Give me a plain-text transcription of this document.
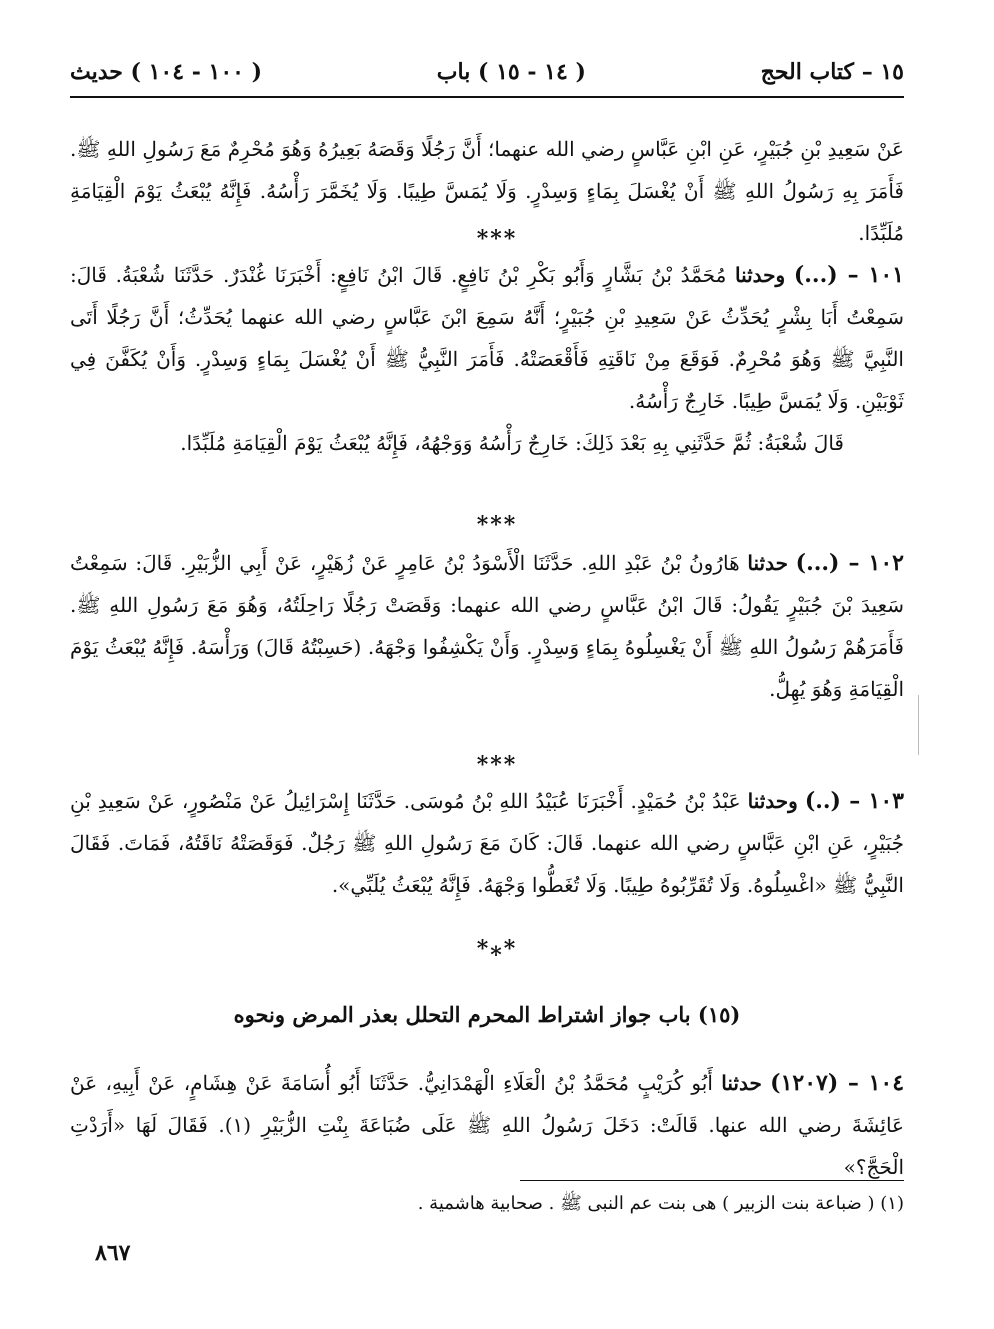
١٥ – كتاب الحج
( ١٤ - ١٥ ) باب
( ١٠٠ - ١٠٤ ) حديث

عَنْ سَعِيدِ بْنِ جُبَيْرٍ، عَنِ ابْنِ عَبَّاسٍ رضي الله عنهما؛ أَنَّ رَجُلًا وَقَصَهُ بَعِيرُهُ وَهُوَ مُحْرِمٌ مَعَ رَسُولِ اللهِ ﷺ. فَأَمَرَ بِهِ رَسُولُ اللهِ ﷺ أَنْ يُغْسَلَ بِمَاءٍ وَسِدْرٍ. وَلَا يُمَسَّ طِيبًا. وَلَا يُخَمَّرَ رَأْسُهُ. فَإِنَّهُ يُبْعَثُ يَوْمَ الْقِيَامَةِ مُلَبِّدًا.

***

١٠١ – (...) وحدثنا مُحَمَّدُ بْنُ بَشَّارٍ وَأَبُو بَكْرِ بْنُ نَافِعٍ. قَالَ ابْنُ نَافِعٍ: أَخْبَرَنَا غُنْدَرٌ. حَدَّثَنَا شُعْبَةُ. قَالَ: سَمِعْتُ أَبَا بِشْرٍ يُحَدِّثُ عَنْ سَعِيدِ بْنِ جُبَيْرٍ؛ أَنَّهُ سَمِعَ ابْنَ عَبَّاسٍ رضي الله عنهما يُحَدِّثُ؛ أَنَّ رَجُلًا أَتَى النَّبِيَّ ﷺ وَهُوَ مُحْرِمٌ. فَوَقَعَ مِنْ نَاقَتِهِ فَأَقْعَصَتْهُ. فَأَمَرَ النَّبِيُّ ﷺ أَنْ يُغْسَلَ بِمَاءٍ وَسِدْرٍ. وَأَنْ يُكَفَّنَ فِي ثَوْبَيْنِ. وَلَا يُمَسَّ طِيبًا. خَارِجٌ رَأْسُهُ.

قَالَ شُعْبَةُ: ثُمَّ حَدَّثَنِي بِهِ بَعْدَ ذَلِكَ: خَارِجٌ رَأْسُهُ وَوَجْهُهُ، فَإِنَّهُ يُبْعَثُ يَوْمَ الْقِيَامَةِ مُلَبِّدًا.

***

١٠٢ – (...) حدثنا هَارُونُ بْنُ عَبْدِ اللهِ. حَدَّثَنَا الْأَسْوَدُ بْنُ عَامِرٍ عَنْ زُهَيْرٍ، عَنْ أَبِي الزُّبَيْرِ. قَالَ: سَمِعْتُ سَعِيدَ بْنَ جُبَيْرٍ يَقُولُ: قَالَ ابْنُ عَبَّاسٍ رضي الله عنهما: وَقَصَتْ رَجُلًا رَاحِلَتُهُ، وَهُوَ مَعَ رَسُولِ اللهِ ﷺ. فَأَمَرَهُمْ رَسُولُ اللهِ ﷺ أَنْ يَغْسِلُوهُ بِمَاءٍ وَسِدْرٍ. وَأَنْ يَكْشِفُوا وَجْهَهُ. (حَسِبْتُهُ قَالَ) وَرَأْسَهُ. فَإِنَّهُ يُبْعَثُ يَوْمَ الْقِيَامَةِ وَهُوَ يُهِلُّ.

***

١٠٣ – (..) وحدثنا عَبْدُ بْنُ حُمَيْدٍ. أَخْبَرَنَا عُبَيْدُ اللهِ بْنُ مُوسَى. حَدَّثَنَا إِسْرَائِيلُ عَنْ مَنْصُورٍ، عَنْ سَعِيدِ بْنِ جُبَيْرٍ، عَنِ ابْنِ عَبَّاسٍ رضي الله عنهما. قَالَ: كَانَ مَعَ رَسُولِ اللهِ ﷺ رَجُلٌ. فَوَقَصَتْهُ نَاقَتُهُ، فَمَاتَ. فَقَالَ النَّبِيُّ ﷺ «اغْسِلُوهُ. وَلَا تُقَرِّبُوهُ طِيبًا. وَلَا تُغَطُّوا وَجْهَهُ. فَإِنَّهُ يُبْعَثُ يُلَبِّي».

*⁎*
(١٥) باب جواز اشتراط المحرم التحلل بعذر المرض ونحوه

١٠٤ – (١٢٠٧) حدثنا أَبُو كُرَيْبٍ مُحَمَّدُ بْنُ الْعَلَاءِ الْهَمْدَانِيُّ. حَدَّثَنَا أَبُو أُسَامَةَ عَنْ هِشَامٍ، عَنْ أَبِيهِ، عَنْ عَائِشَةَ رضي الله عنها. قَالَتْ: دَخَلَ رَسُولُ اللهِ ﷺ عَلَى ضُبَاعَةَ بِنْتِ الزُّبَيْرِ (١). فَقَالَ لَهَا «أَرَدْتِ الْحَجَّ؟»

(١) ( ضباعة بنت الزبير ) هى بنت عم النبى ﷺ . صحابية هاشمية .
٨٦٧
